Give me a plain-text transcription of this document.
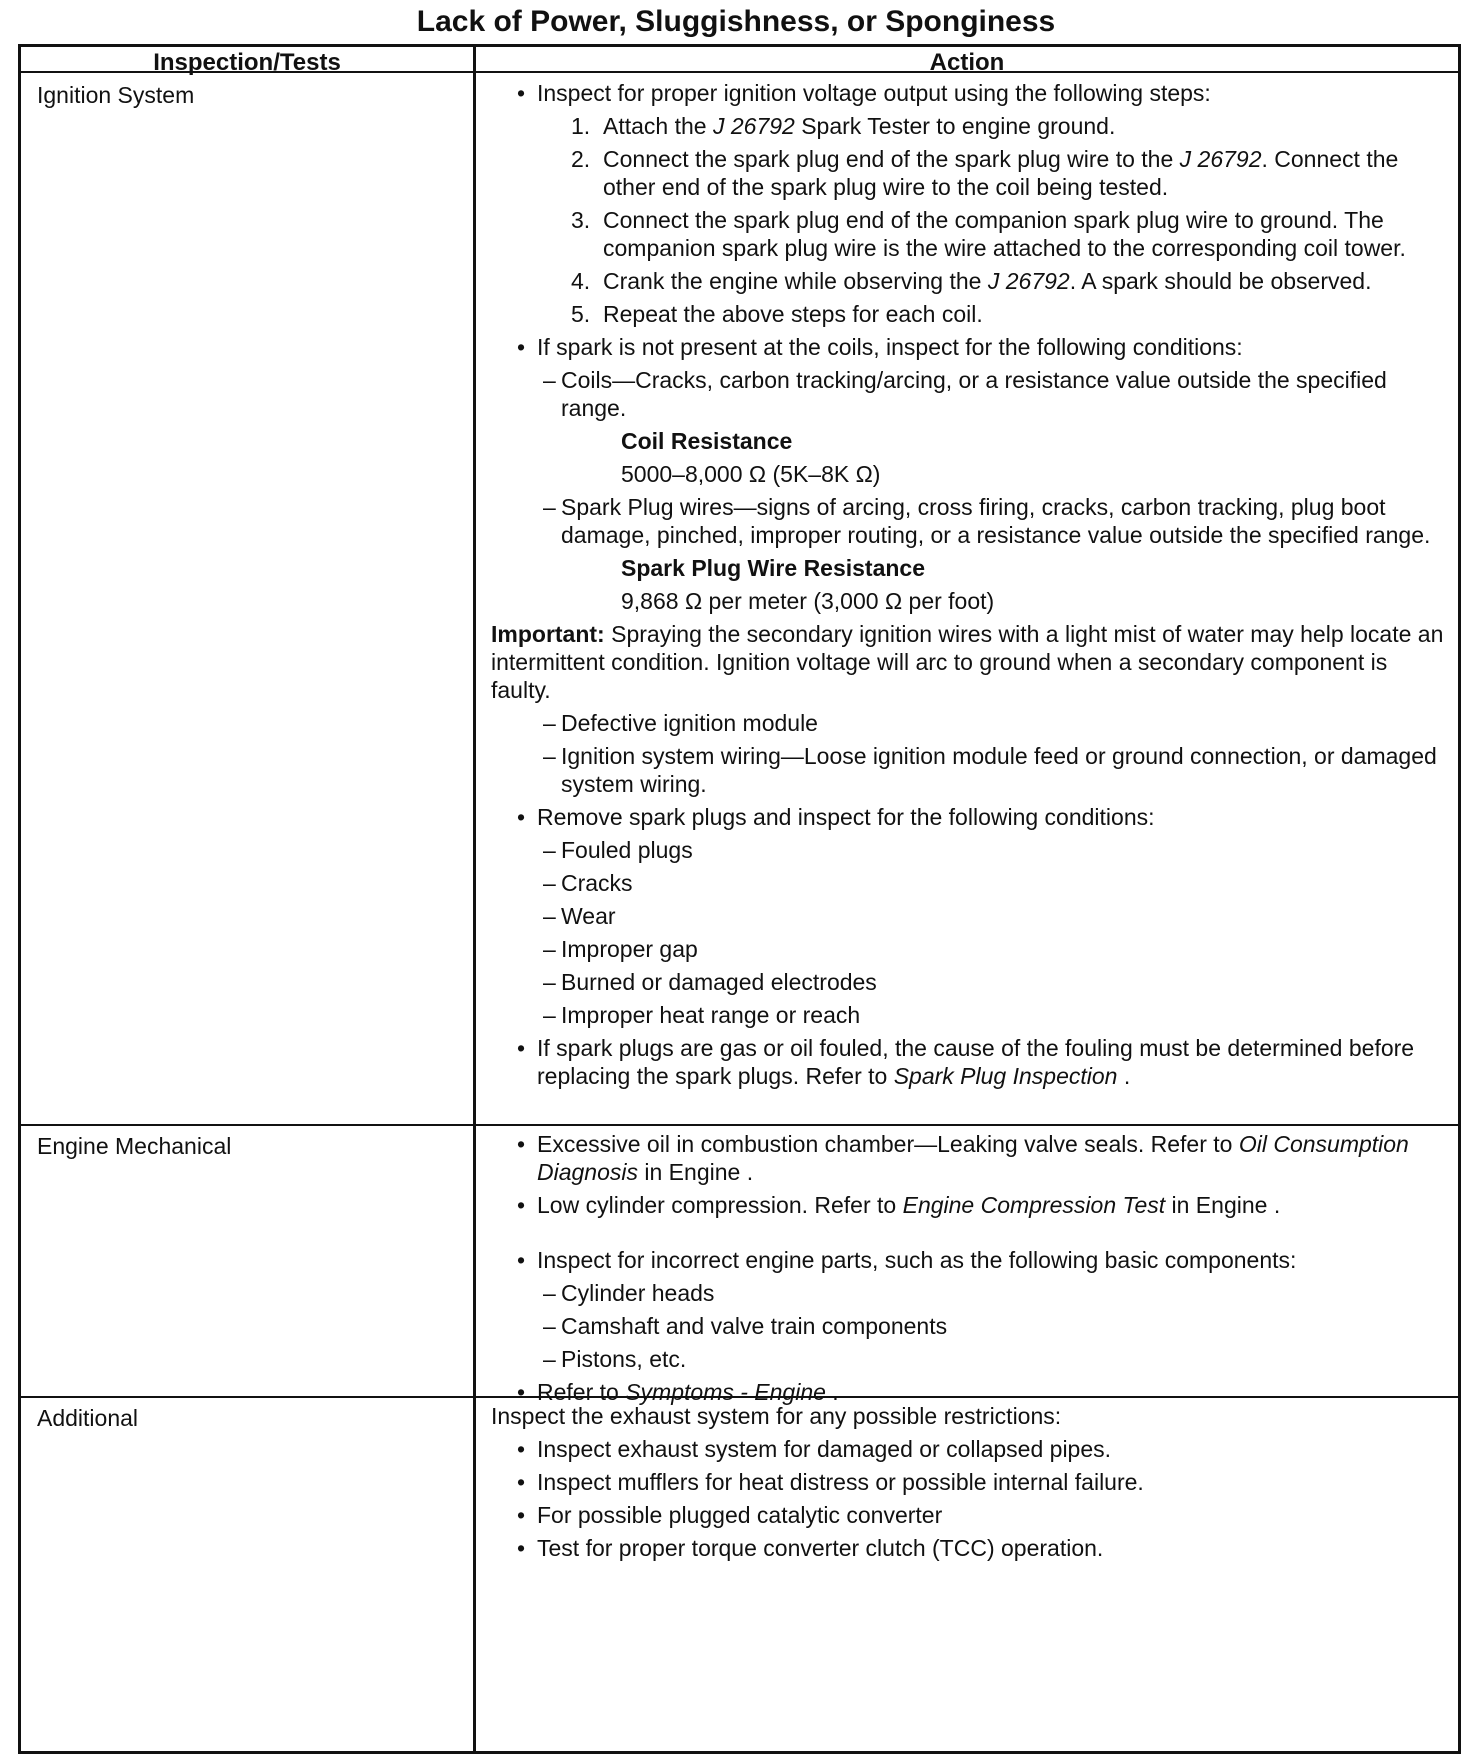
Lack of Power, Sluggishness, or Sponginess
Inspection/Tests	Action
Ignition System	• Inspect for proper ignition voltage output using the following steps:
1. Attach the J 26792 Spark Tester to engine ground.
2. Connect the spark plug end of the spark plug wire to the J 26792. Connect the other end of the spark plug wire to the coil being tested.
3. Connect the spark plug end of the companion spark plug wire to ground. The companion spark plug wire is the wire attached to the corresponding coil tower.
4. Crank the engine while observing the J 26792. A spark should be observed.
5. Repeat the above steps for each coil.
• If spark is not present at the coils, inspect for the following conditions:
– Coils—Cracks, carbon tracking/arcing, or a resistance value outside the specified range.
Coil Resistance
5000–8,000 Ω (5K–8K Ω)
– Spark Plug wires—signs of arcing, cross firing, cracks, carbon tracking, plug boot damage, pinched, improper routing, or a resistance value outside the specified range.
Spark Plug Wire Resistance
9,868 Ω per meter (3,000 Ω per foot)
Important: Spraying the secondary ignition wires with a light mist of water may help locate an intermittent condition. Ignition voltage will arc to ground when a secondary component is faulty.
– Defective ignition module
– Ignition system wiring—Loose ignition module feed or ground connection, or damaged system wiring.
• Remove spark plugs and inspect for the following conditions:
– Fouled plugs
– Cracks
– Wear
– Improper gap
– Burned or damaged electrodes
– Improper heat range or reach
• If spark plugs are gas or oil fouled, the cause of the fouling must be determined before replacing the spark plugs. Refer to Spark Plug Inspection .
Engine Mechanical	• Excessive oil in combustion chamber—Leaking valve seals. Refer to Oil Consumption Diagnosis in Engine .
• Low cylinder compression. Refer to Engine Compression Test in Engine .
• Inspect for incorrect engine parts, such as the following basic components:
– Cylinder heads
– Camshaft and valve train components
– Pistons, etc.
• Refer to Symptoms - Engine .
Additional	Inspect the exhaust system for any possible restrictions:
• Inspect exhaust system for damaged or collapsed pipes.
• Inspect mufflers for heat distress or possible internal failure.
• For possible plugged catalytic converter
• Test for proper torque converter clutch (TCC) operation.
